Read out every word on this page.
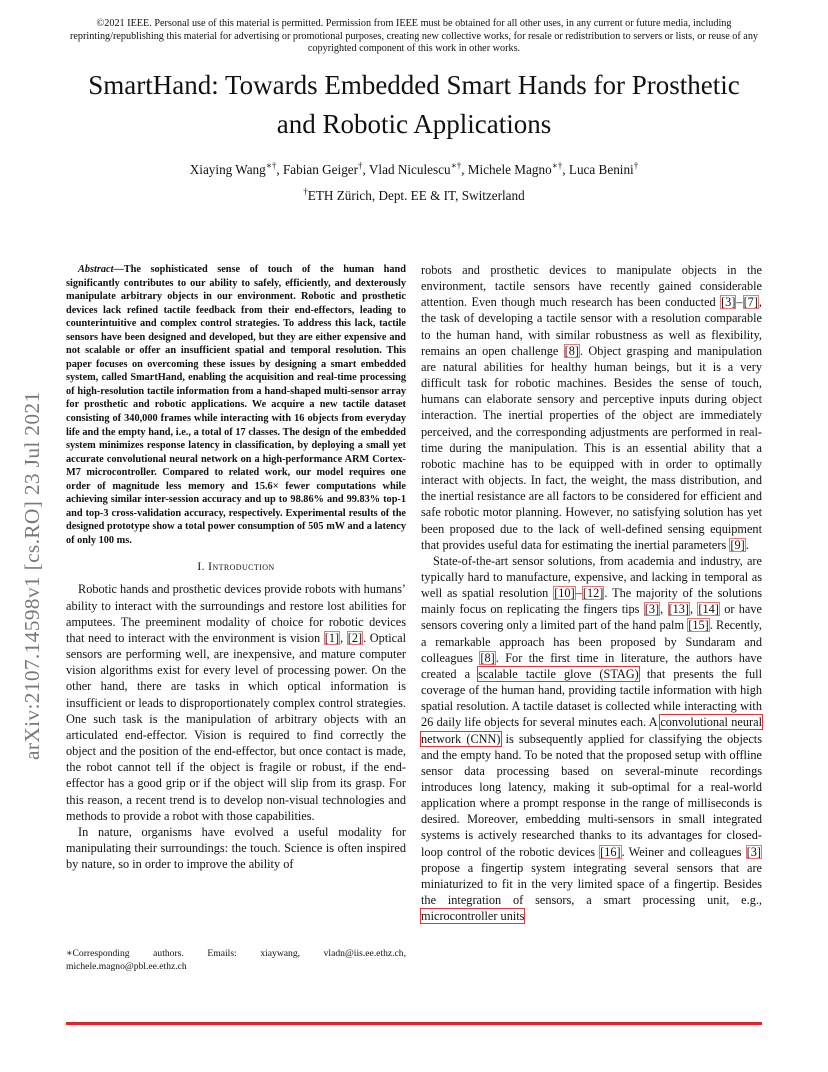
©2021 IEEE. Personal use of this material is permitted. Permission from IEEE must be obtained for all other uses, in any current or future media, including reprinting/republishing this material for advertising or promotional purposes, creating new collective works, for resale or redistribution to servers or lists, or reuse of any copyrighted component of this work in other works.
SmartHand: Towards Embedded Smart Hands for Prosthetic and Robotic Applications
Xiaying Wang∗†, Fabian Geiger†, Vlad Niculescu∗†, Michele Magno∗†, Luca Benini†
†ETH Zürich, Dept. EE & IT, Switzerland
arXiv:2107.14598v1 [cs.RO] 23 Jul 2021

Abstract—The sophisticated sense of touch of the human hand significantly contributes to our ability to safely, efficiently, and dexterously manipulate arbitrary objects in our environment. Robotic and prosthetic devices lack refined tactile feedback from their end-effectors, leading to counterintuitive and complex control strategies. To address this lack, tactile sensors have been designed and developed, but they are either expensive and not scalable or offer an insufficient spatial and temporal resolution. This paper focuses on overcoming these issues by designing a smart embedded system, called SmartHand, enabling the acquisition and real-time processing of high-resolution tactile information from a hand-shaped multi-sensor array for prosthetic and robotic applications. We acquire a new tactile dataset consisting of 340,000 frames while interacting with 16 objects from everyday life and the empty hand, i.e., a total of 17 classes. The design of the embedded system minimizes response latency in classification, by deploying a small yet accurate convolutional neural network on a high-performance ARM Cortex-M7 microcontroller. Compared to related work, our model requires one order of magnitude less memory and 15.6× fewer computations while achieving similar inter-session accuracy and up to 98.86% and 99.83% top-1 and top-3 cross-validation accuracy, respectively. Experimental results of the designed prototype show a total power consumption of 505 mW and a latency of only 100 ms.

I. Introduction

Robotic hands and prosthetic devices provide robots with humans’ ability to interact with the surroundings and restore lost abilities for amputees. The preeminent modality of choice for robotic devices that need to interact with the environment is vision [1], [2]. Optical sensors are performing well, are inexpensive, and mature computer vision algorithms exist for every level of processing power. On the other hand, there are tasks in which optical information is insufficient or leads to disproportionately complex control strategies. One such task is the manipulation of arbitrary objects with an articulated end-effector. Vision is required to find correctly the object and the position of the end-effector, but once contact is made, the robot cannot tell if the object is fragile or robust, if the end-effector has a good grip or if the object will slip from its grasp. For this reason, a recent trend is to develop non-visual technologies and methods to provide a robot with those capabilities.

In nature, organisms have evolved a useful modality for manipulating their surroundings: the touch. Science is often inspired by nature, so in order to improve the ability of

∗Corresponding authors. Emails: xiaywang, vladn@iis.ee.ethz.ch, michele.magno@pbl.ee.ethz.ch

robots and prosthetic devices to manipulate objects in the environment, tactile sensors have recently gained considerable attention. Even though much research has been conducted [3]–[7], the task of developing a tactile sensor with a resolution comparable to the human hand, with similar robustness as well as flexibility, remains an open challenge [8]. Object grasping and manipulation are natural abilities for healthy human beings, but it is a very difficult task for robotic machines. Besides the sense of touch, humans can elaborate sensory and perceptive inputs during object interaction. The inertial properties of the object are immediately perceived, and the corresponding adjustments are performed in real-time during the manipulation. This is an essential ability that a robotic machine has to be equipped with in order to optimally interact with objects. In fact, the weight, the mass distribution, and the inertial resistance are all factors to be considered for efficient and safe robotic motor planning. However, no satisfying solution has yet been proposed due to the lack of well-defined sensing equipment that provides useful data for estimating the inertial parameters [9].

State-of-the-art sensor solutions, from academia and industry, are typically hard to manufacture, expensive, and lacking in temporal as well as spatial resolution [10]–[12]. The majority of the solutions mainly focus on replicating the fingers tips [3], [13], [14] or have sensors covering only a limited part of the hand palm [15]. Recently, a remarkable approach has been proposed by Sundaram and colleagues [8]. For the first time in literature, the authors have created a scalable tactile glove (STAG) that presents the full coverage of the human hand, providing tactile information with high spatial resolution. A tactile dataset is collected while interacting with 26 daily life objects for several minutes each. A convolutional neural network (CNN) is subsequently applied for classifying the objects and the empty hand. To be noted that the proposed setup with offline sensor data processing based on several-minute recordings introduces long latency, making it sub-optimal for a real-world application where a prompt response in the range of milliseconds is desired. Moreover, embedding multi-sensors in small integrated systems is actively researched thanks to its advantages for closed-loop control of the robotic devices [16]. Weiner and colleagues [3] propose a fingertip system integrating several sensors that are miniaturized to fit in the very limited space of a fingertip. Besides the integration of sensors, a smart processing unit, e.g., microcontroller units
